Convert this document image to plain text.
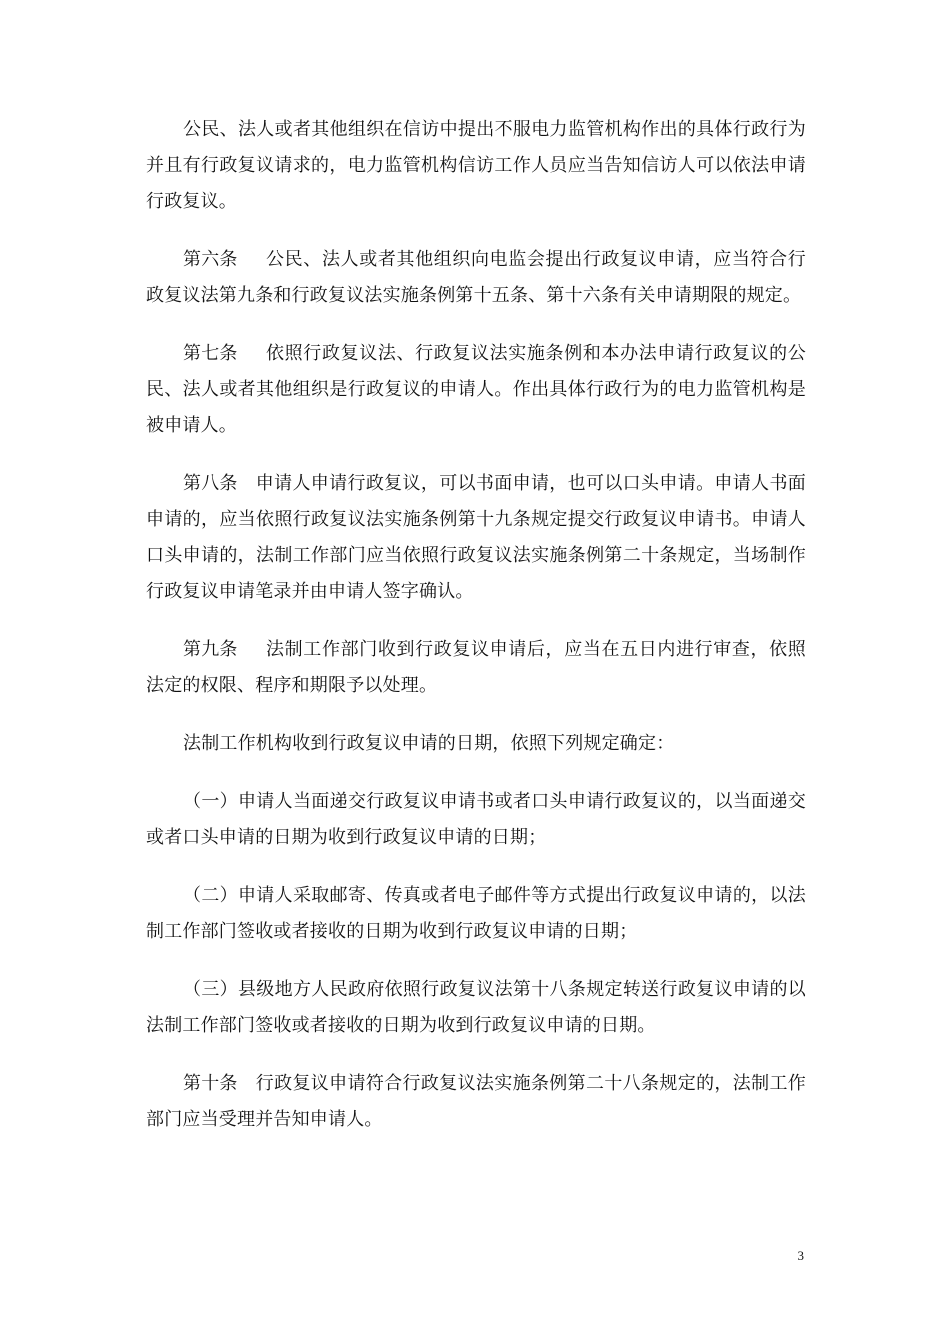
公民、法人或者其他组织在信访中提出不服电力监管机构作出的具体行政行为并且有行政复议请求的，电力监管机构信访工作人员应当告知信访人可以依法申请行政复议。

第六条 公民、法人或者其他组织向电监会提出行政复议申请，应当符合行政复议法第九条和行政复议法实施条例第十五条、第十六条有关申请期限的规定。

第七条 依照行政复议法、行政复议法实施条例和本办法申请行政复议的公民、法人或者其他组织是行政复议的申请人。作出具体行政行为的电力监管机构是被申请人。

第八条 申请人申请行政复议，可以书面申请，也可以口头申请。申请人书面申请的，应当依照行政复议法实施条例第十九条规定提交行政复议申请书。申请人口头申请的，法制工作部门应当依照行政复议法实施条例第二十条规定，当场制作行政复议申请笔录并由申请人签字确认。

第九条 法制工作部门收到行政复议申请后，应当在五日内进行审查，依照法定的权限、程序和期限予以处理。

法制工作机构收到行政复议申请的日期，依照下列规定确定：

（一）申请人当面递交行政复议申请书或者口头申请行政复议的，以当面递交或者口头申请的日期为收到行政复议申请的日期；

（二）申请人采取邮寄、传真或者电子邮件等方式提出行政复议申请的，以法制工作部门签收或者接收的日期为收到行政复议申请的日期；

（三）县级地方人民政府依照行政复议法第十八条规定转送行政复议申请的以法制工作部门签收或者接收的日期为收到行政复议申请的日期。

第十条 行政复议申请符合行政复议法实施条例第二十八条规定的，法制工作部门应当受理并告知申请人。

3
